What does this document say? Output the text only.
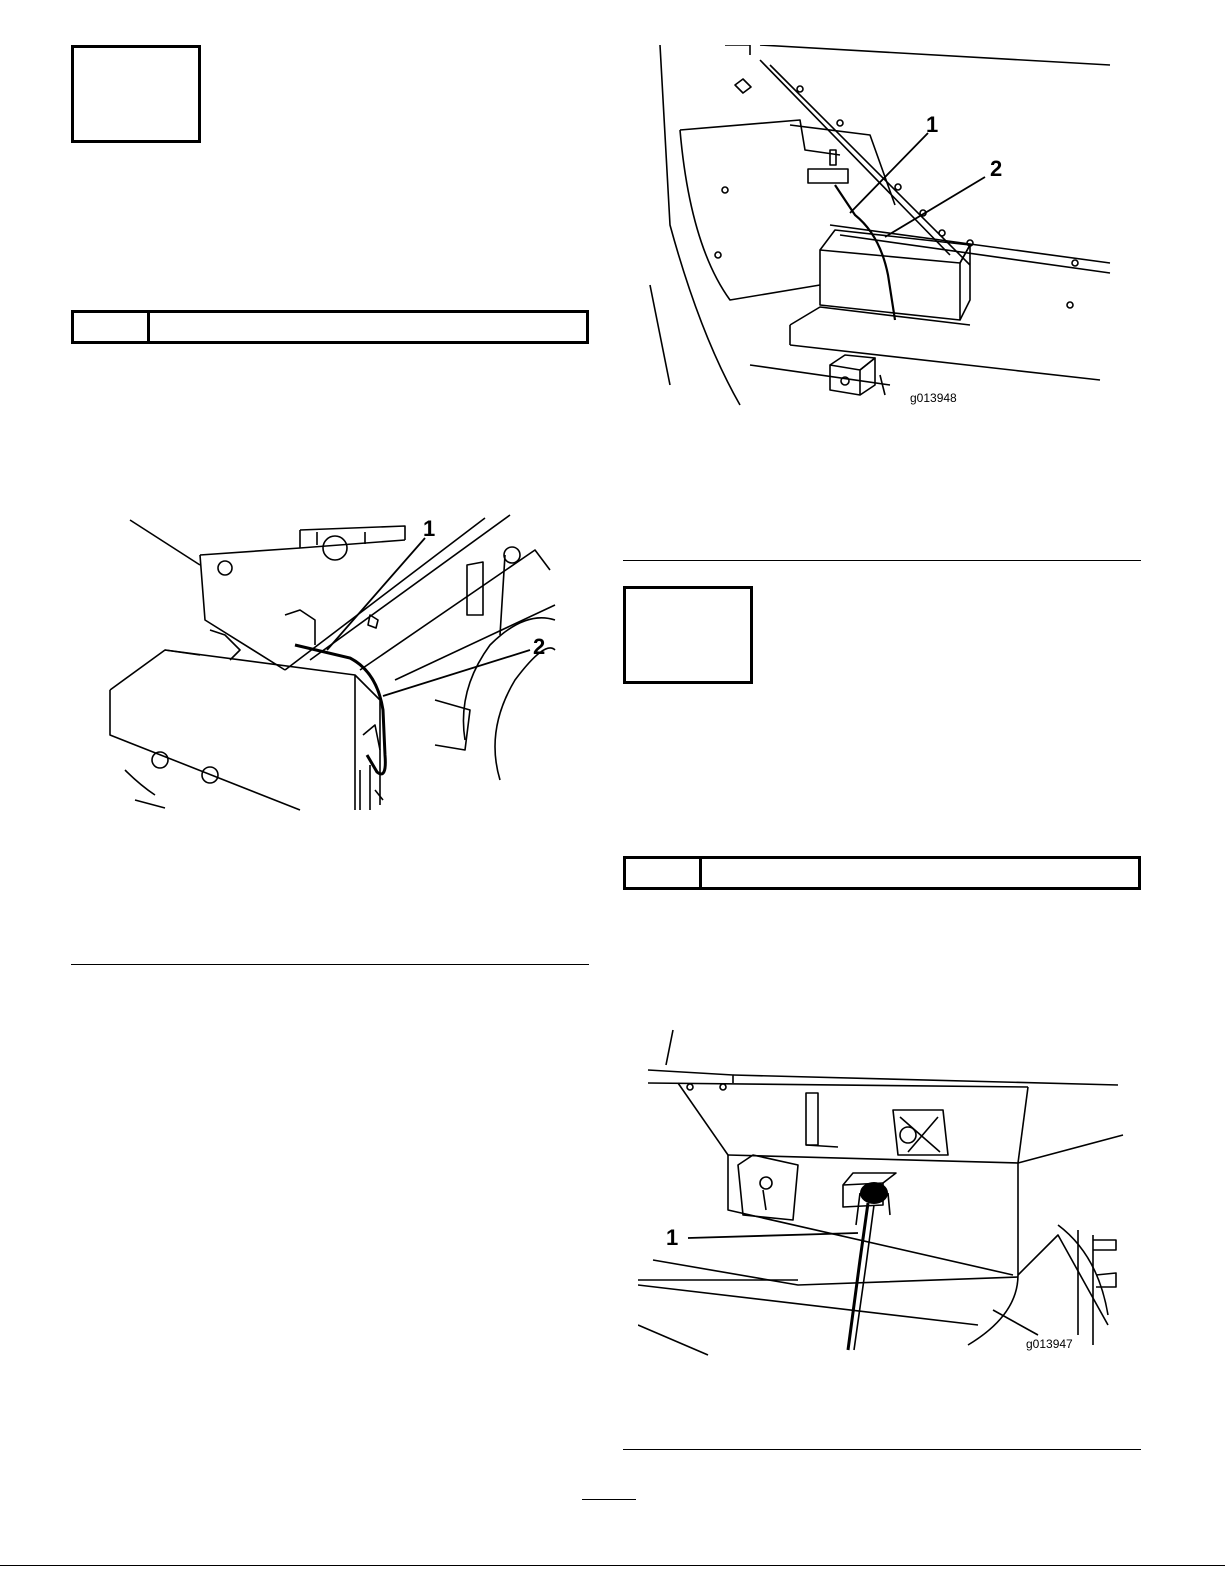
1
2
1
2
g013948
1
g013947
